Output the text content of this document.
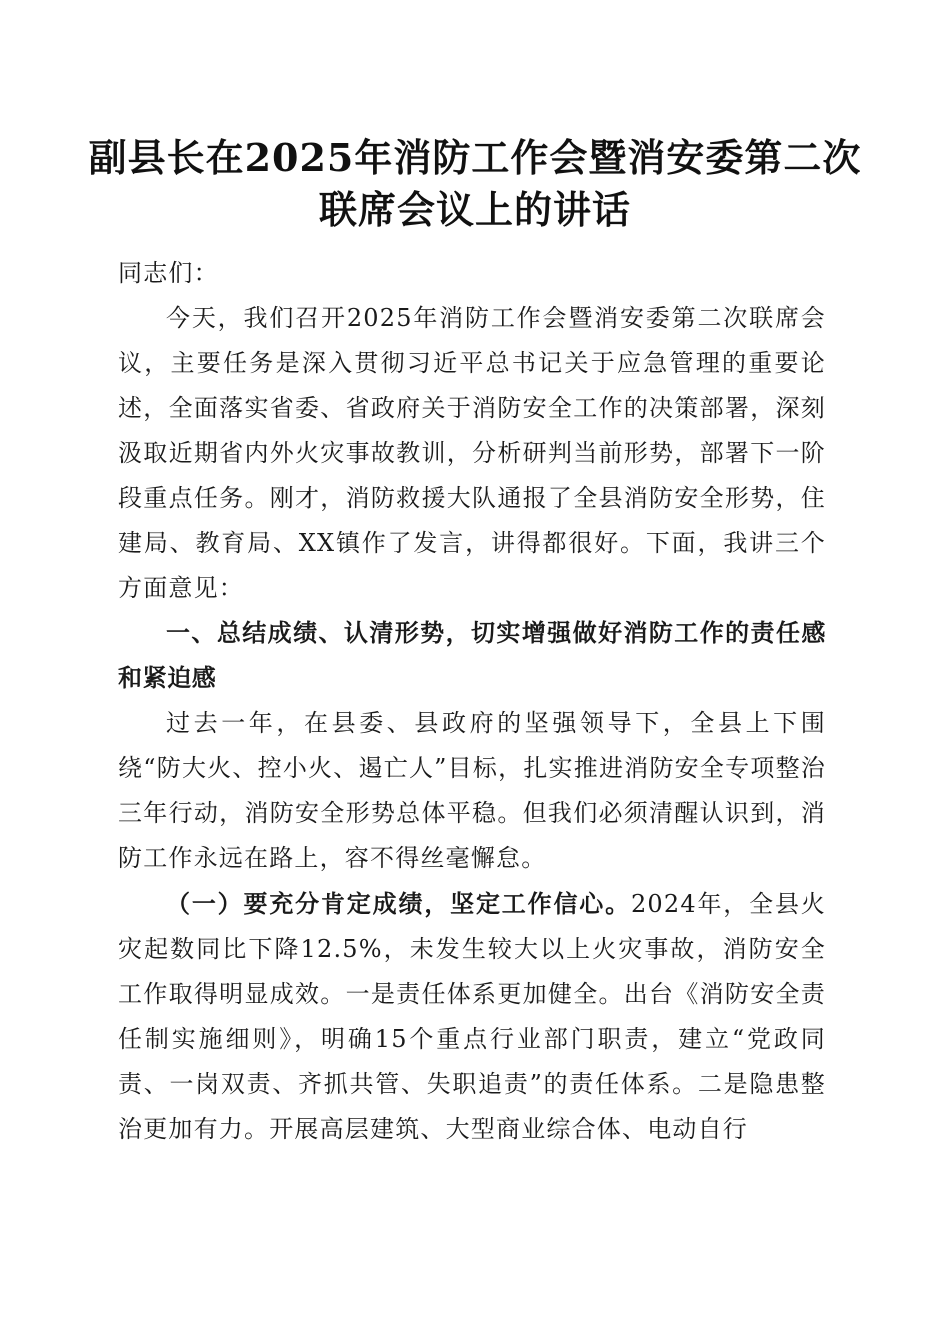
副县长在2025年消防工作会暨消安委第二次
联席会议上的讲话

同志们：

今天，我们召开2025年消防工作会暨消安委第二次联席会议，主要任务是深入贯彻习近平总书记关于应急管理的重要论述，全面落实省委、省政府关于消防安全工作的决策部署，深刻汲取近期省内外火灾事故教训，分析研判当前形势，部署下一阶段重点任务。刚才，消防救援大队通报了全县消防安全形势，住建局、教育局、XX镇作了发言，讲得都很好。下面，我讲三个方面意见：

一、总结成绩、认清形势，切实增强做好消防工作的责任感和紧迫感

过去一年，在县委、县政府的坚强领导下，全县上下围绕“防大火、控小火、遏亡人”目标，扎实推进消防安全专项整治三年行动，消防安全形势总体平稳。但我们必须清醒认识到，消防工作永远在路上，容不得丝毫懈怠。

（一）要充分肯定成绩，坚定工作信心。2024年，全县火灾起数同比下降12.5%，未发生较大以上火灾事故，消防安全工作取得明显成效。一是责任体系更加健全。出台《消防安全责任制实施细则》，明确15个重点行业部门职责，建立“党政同责、一岗双责、齐抓共管、失职追责”的责任体系。二是隐患整治更加有力。开展高层建筑、大型商业综合体、电动自行
